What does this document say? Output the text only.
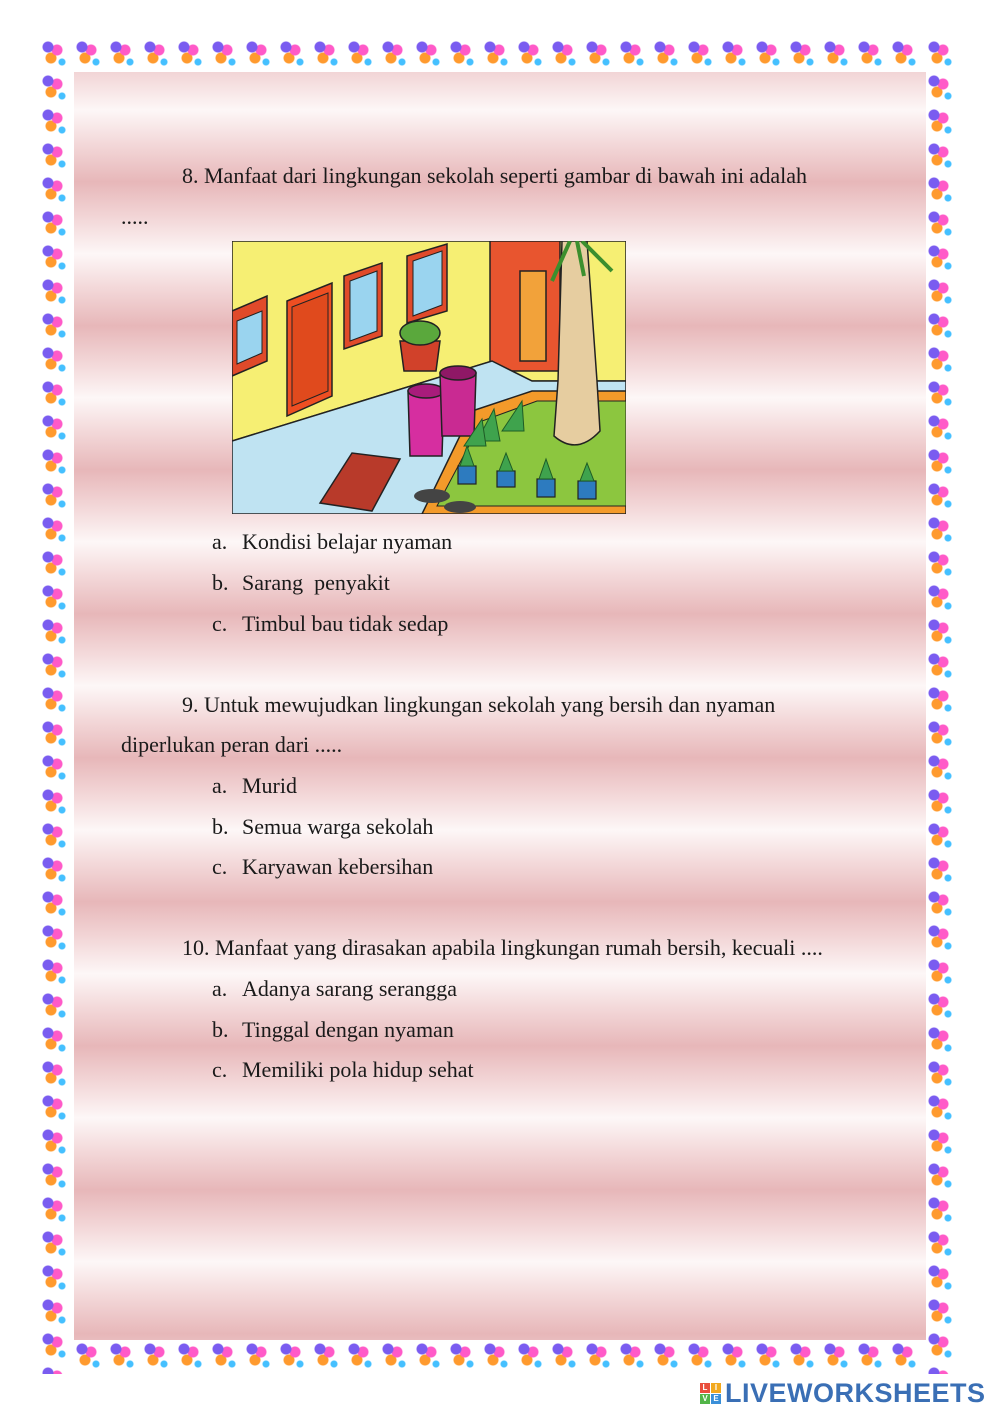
8. Manfaat dari lingkungan sekolah seperti gambar di bawah ini adalah
.....
a. Kondisi belajar nyaman
b. Sarang  penyakit
c. Timbul bau tidak sedap
9. Untuk mewujudkan lingkungan sekolah yang bersih dan nyaman
diperlukan peran dari .....
a. Murid
b. Semua warga sekolah
c. Karyawan kebersihan
10. Manfaat yang dirasakan apabila lingkungan rumah bersih, kecuali ....
a. Adanya sarang serangga
b. Tinggal dengan nyaman
c. Memiliki pola hidup sehat
L I
V E LIVEWORKSHEETS
